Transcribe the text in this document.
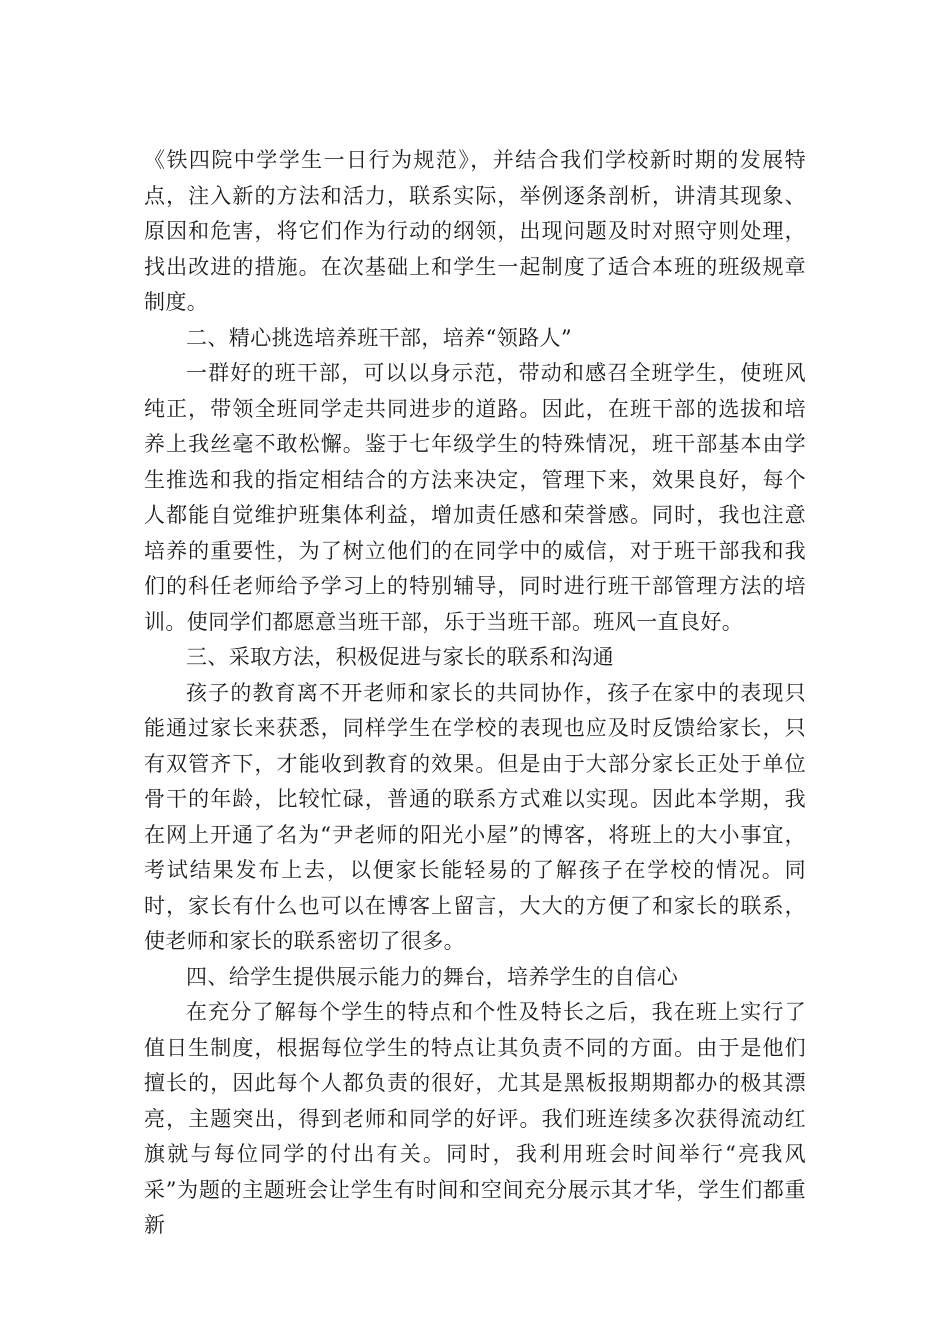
《铁四院中学学生一日行为规范》，并结合我们学校新时期的发展特点，注入新的方法和活力，联系实际，举例逐条剖析，讲清其现象、原因和危害，将它们作为行动的纲领，出现问题及时对照守则处理，找出改进的措施。在次基础上和学生一起制度了适合本班的班级规章制度。

二、精心挑选培养班干部，培养“领路人”

一群好的班干部，可以以身示范，带动和感召全班学生，使班风纯正，带领全班同学走共同进步的道路。因此，在班干部的选拔和培养上我丝毫不敢松懈。鉴于七年级学生的特殊情况，班干部基本由学生推选和我的指定相结合的方法来决定，管理下来，效果良好，每个人都能自觉维护班集体利益，增加责任感和荣誉感。同时，我也注意培养的重要性，为了树立他们的在同学中的威信，对于班干部我和我们的科任老师给予学习上的特别辅导，同时进行班干部管理方法的培训。使同学们都愿意当班干部，乐于当班干部。班风一直良好。

三、采取方法，积极促进与家长的联系和沟通

孩子的教育离不开老师和家长的共同协作，孩子在家中的表现只能通过家长来获悉，同样学生在学校的表现也应及时反馈给家长，只有双管齐下，才能收到教育的效果。但是由于大部分家长正处于单位骨干的年龄，比较忙碌，普通的联系方式难以实现。因此本学期，我在网上开通了名为“尹老师的阳光小屋”的博客，将班上的大小事宜，考试结果发布上去，以便家长能轻易的了解孩子在学校的情况。同时，家长有什么也可以在博客上留言，大大的方便了和家长的联系，使老师和家长的联系密切了很多。

四、给学生提供展示能力的舞台，培养学生的自信心

在充分了解每个学生的特点和个性及特长之后，我在班上实行了值日生制度，根据每位学生的特点让其负责不同的方面。由于是他们擅长的，因此每个人都负责的很好，尤其是黑板报期期都办的极其漂亮，主题突出，得到老师和同学的好评。我们班连续多次获得流动红旗就与每位同学的付出有关。同时，我利用班会时间举行“亮我风采”为题的主题班会让学生有时间和空间充分展示其才华，学生们都重新
